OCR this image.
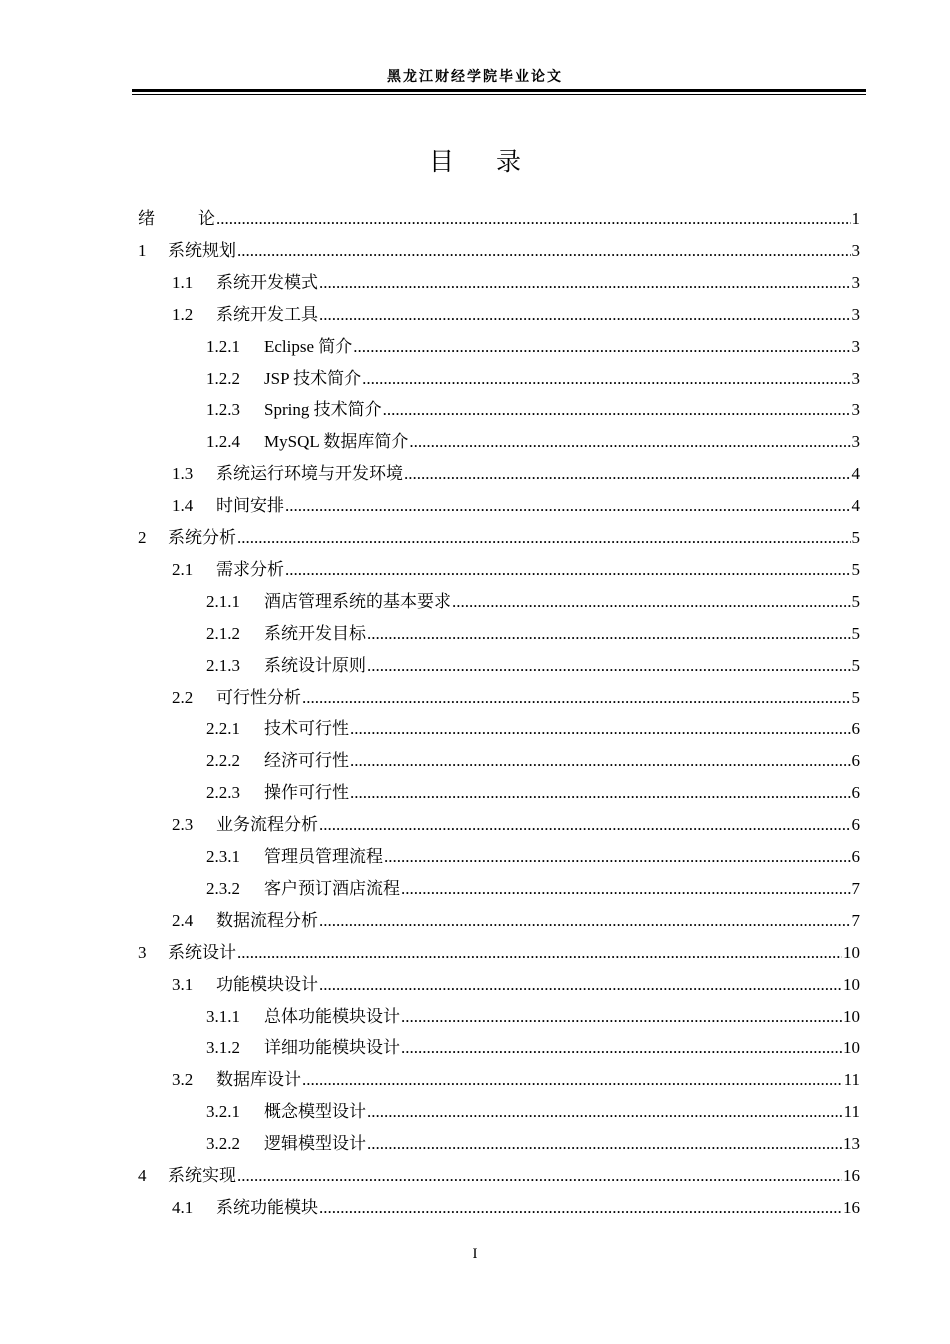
黑龙江财经学院毕业论文
目录
绪	论 .....	1
1	系统规划 .....	3
1.1	系统开发模式 .....	3
1.2	系统开发工具 .....	3
1.2.1	Eclipse 简介 .....	3
1.2.2	JSP 技术简介 .....	3
1.2.3	Spring 技术简介 .....	3
1.2.4	MySQL 数据库简介 .....	3
1.3	系统运行环境与开发环境 .....	4
1.4	时间安排 .....	4
2	系统分析 .....	5
2.1	需求分析 .....	5
2.1.1	酒店管理系统的基本要求 .....	5
2.1.2	系统开发目标 .....	5
2.1.3	系统设计原则 .....	5
2.2	可行性分析 .....	5
2.2.1	技术可行性 .....	6
2.2.2	经济可行性 .....	6
2.2.3	操作可行性 .....	6
2.3	业务流程分析 .....	6
2.3.1	管理员管理流程 .....	6
2.3.2	客户预订酒店流程 .....	7
2.4	数据流程分析 .....	7
3	系统设计 .....	10
3.1	功能模块设计 .....	10
3.1.1	总体功能模块设计 .....	10
3.1.2	详细功能模块设计 .....	10
3.2	数据库设计 .....	11
3.2.1	概念模型设计 .....	11
3.2.2	逻辑模型设计 .....	13
4	系统实现 .....	16
4.1	系统功能模块 .....	16
I
